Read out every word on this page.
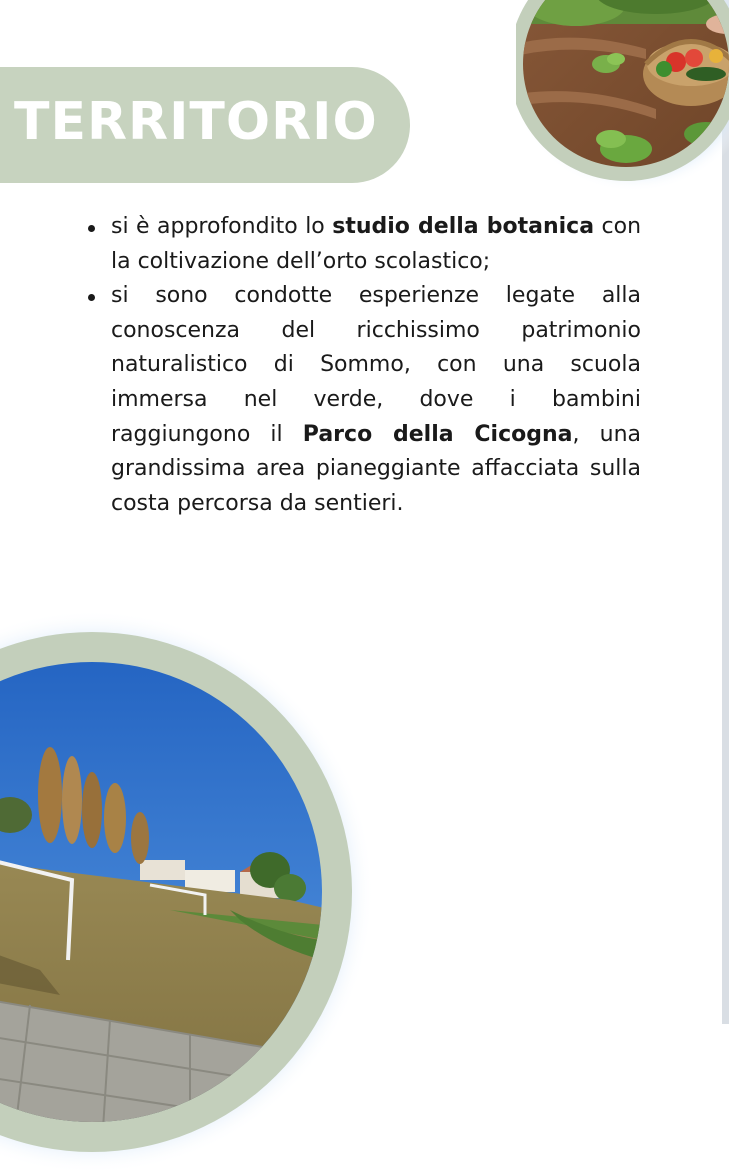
TERRITORIO
si è approfondito lo studio della botanica con la coltivazione dell’orto scolastico;
si sono condotte esperienze legate alla conoscenza del ricchissimo patrimonio naturalistico di Sommo, con una scuola immersa nel verde, dove i bambini raggiungono il Parco della Cicogna, una grandissima area pianeggiante affacciata sulla costa percorsa da sentieri.
